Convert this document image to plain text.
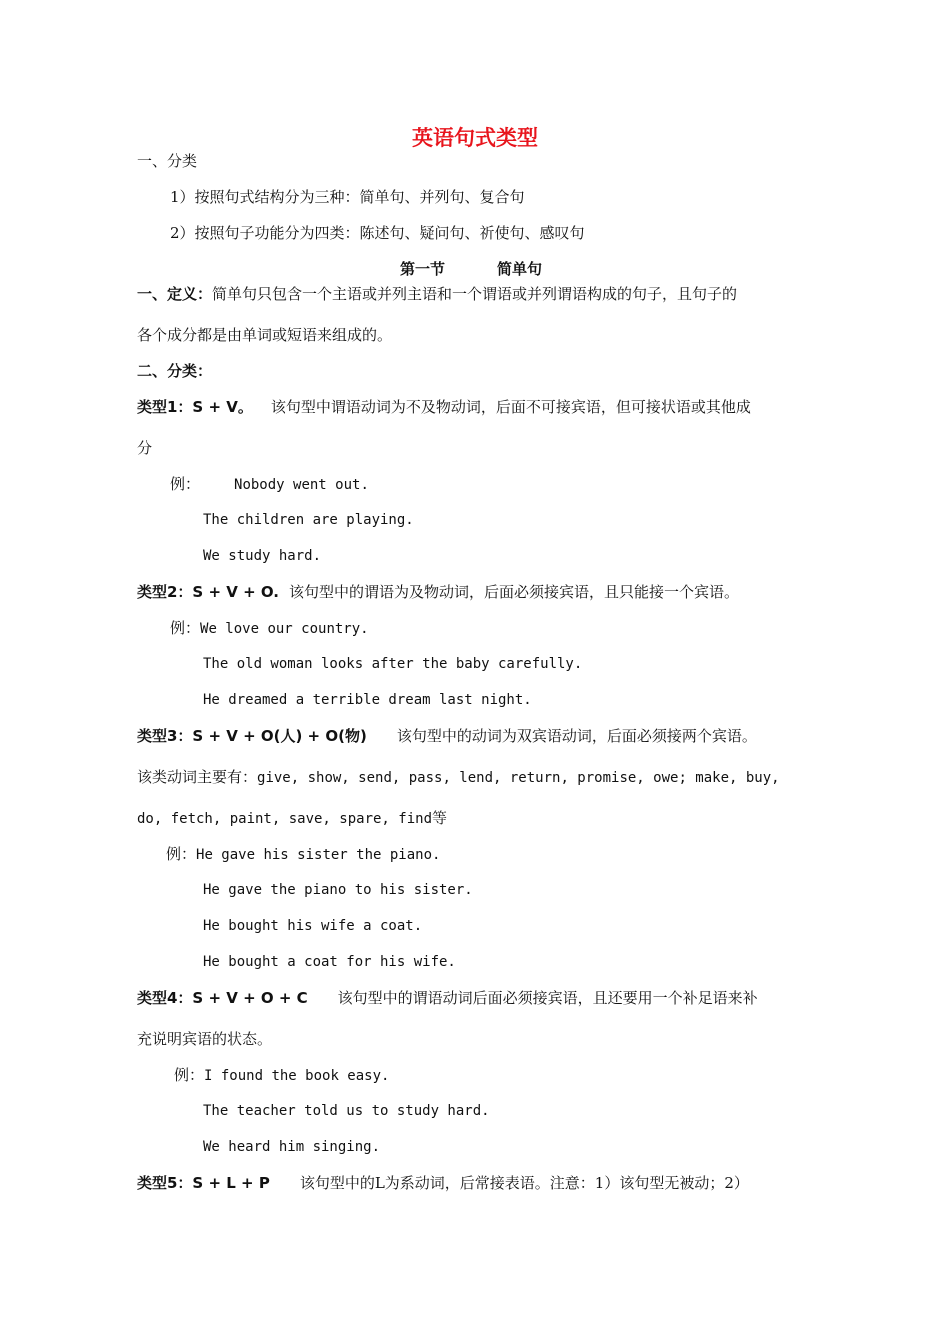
英语句式类型
一、分类
1）按照句式结构分为三种：简单句、并列句、复合句
2）按照句子功能分为四类：陈述句、疑问句、祈使句、感叹句
第一节	简单句
一、定义：简单句只包含一个主语或并列主语和一个谓语或并列谓语构成的句子，且句子的
各个成分都是由单词或短语来组成的。
二、分类：
类型1：S + V。 该句型中谓语动词为不及物动词，后面不可接宾语，但可接状语或其他成
分
例： Nobody went out.
The children are playing.
We study hard.
类型2：S + V + O. 该句型中的谓语为及物动词，后面必须接宾语，且只能接一个宾语。
例：We love our country.
The old woman looks after the baby carefully.
He dreamed a terrible dream last night.
类型3：S + V + O(人) + O(物) 该句型中的动词为双宾语动词，后面必须接两个宾语。
该类动词主要有：give, show, send, pass, lend, return, promise, owe; make, buy,
do, fetch, paint, save, spare, find等
例：He gave his sister the piano.
He gave the piano to his sister.
He bought his wife a coat.
He bought a coat for his wife.
类型4：S + V + O + C 该句型中的谓语动词后面必须接宾语，且还要用一个补足语来补
充说明宾语的状态。
例：I found the book easy.
The teacher told us to study hard.
We heard him singing.
类型5：S + L + P 该句型中的L为系动词，后常接表语。注意：1）该句型无被动；2）
